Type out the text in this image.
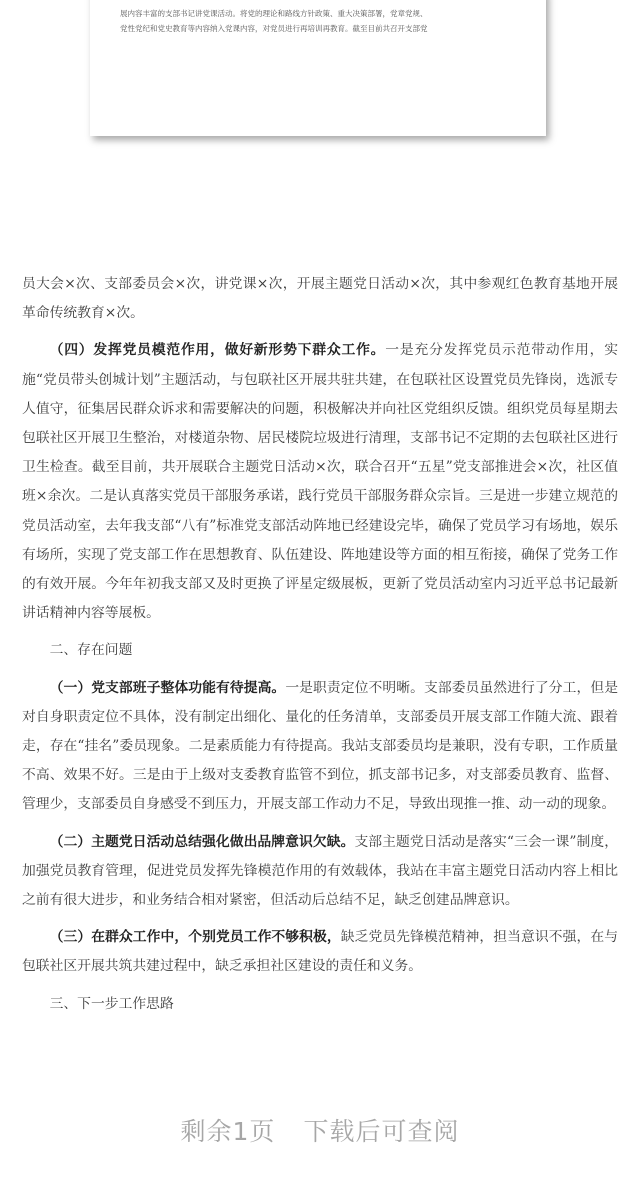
展内容丰富的支部书记讲党课活动。将党的理论和路线方针政策、重大决策部署，党章党规、

党性党纪和党史教育等内容纳入党课内容，对党员进行再培训再教育。截至目前共召开支部党

员大会×次、支部委员会×次，讲党课×次，开展主题党日活动×次，其中参观红色教育基地开展革命传统教育×次。

（四）发挥党员模范作用，做好新形势下群众工作。一是充分发挥党员示范带动作用，实施“党员带头创城计划”主题活动，与包联社区开展共驻共建，在包联社区设置党员先锋岗，选派专人值守，征集居民群众诉求和需要解决的问题，积极解决并向社区党组织反馈。组织党员每星期去包联社区开展卫生整治，对楼道杂物、居民楼院垃圾进行清理，支部书记不定期的去包联社区进行卫生检查。截至目前，共开展联合主题党日活动×次，联合召开“五星”党支部推进会×次，社区值班×余次。二是认真落实党员干部服务承诺，践行党员干部服务群众宗旨。三是进一步建立规范的党员活动室，去年我支部“八有”标准党支部活动阵地已经建设完毕，确保了党员学习有场地，娱乐有场所，实现了党支部工作在思想教育、队伍建设、阵地建设等方面的相互衔接，确保了党务工作的有效开展。今年年初我支部又及时更换了评星定级展板，更新了党员活动室内习近平总书记最新讲话精神内容等展板。

二、存在问题

（一）党支部班子整体功能有待提高。一是职责定位不明晰。支部委员虽然进行了分工，但是对自身职责定位不具体，没有制定出细化、量化的任务清单，支部委员开展支部工作随大流、跟着走，存在“挂名”委员现象。二是素质能力有待提高。我站支部委员均是兼职，没有专职，工作质量不高、效果不好。三是由于上级对支委教育监管不到位，抓支部书记多，对支部委员教育、监督、管理少，支部委员自身感受不到压力，开展支部工作动力不足，导致出现推一推、动一动的现象。

（二）主题党日活动总结强化做出品牌意识欠缺。支部主题党日活动是落实“三会一课”制度，加强党员教育管理，促进党员发挥先锋模范作用的有效载体，我站在丰富主题党日活动内容上相比之前有很大进步，和业务结合相对紧密，但活动后总结不足，缺乏创建品牌意识。

（三）在群众工作中，个别党员工作不够积极，缺乏党员先锋模范精神，担当意识不强，在与包联社区开展共筑共建过程中，缺乏承担社区建设的责任和义务。

三、下一步工作思路

剩余1页 下载后可查阅
